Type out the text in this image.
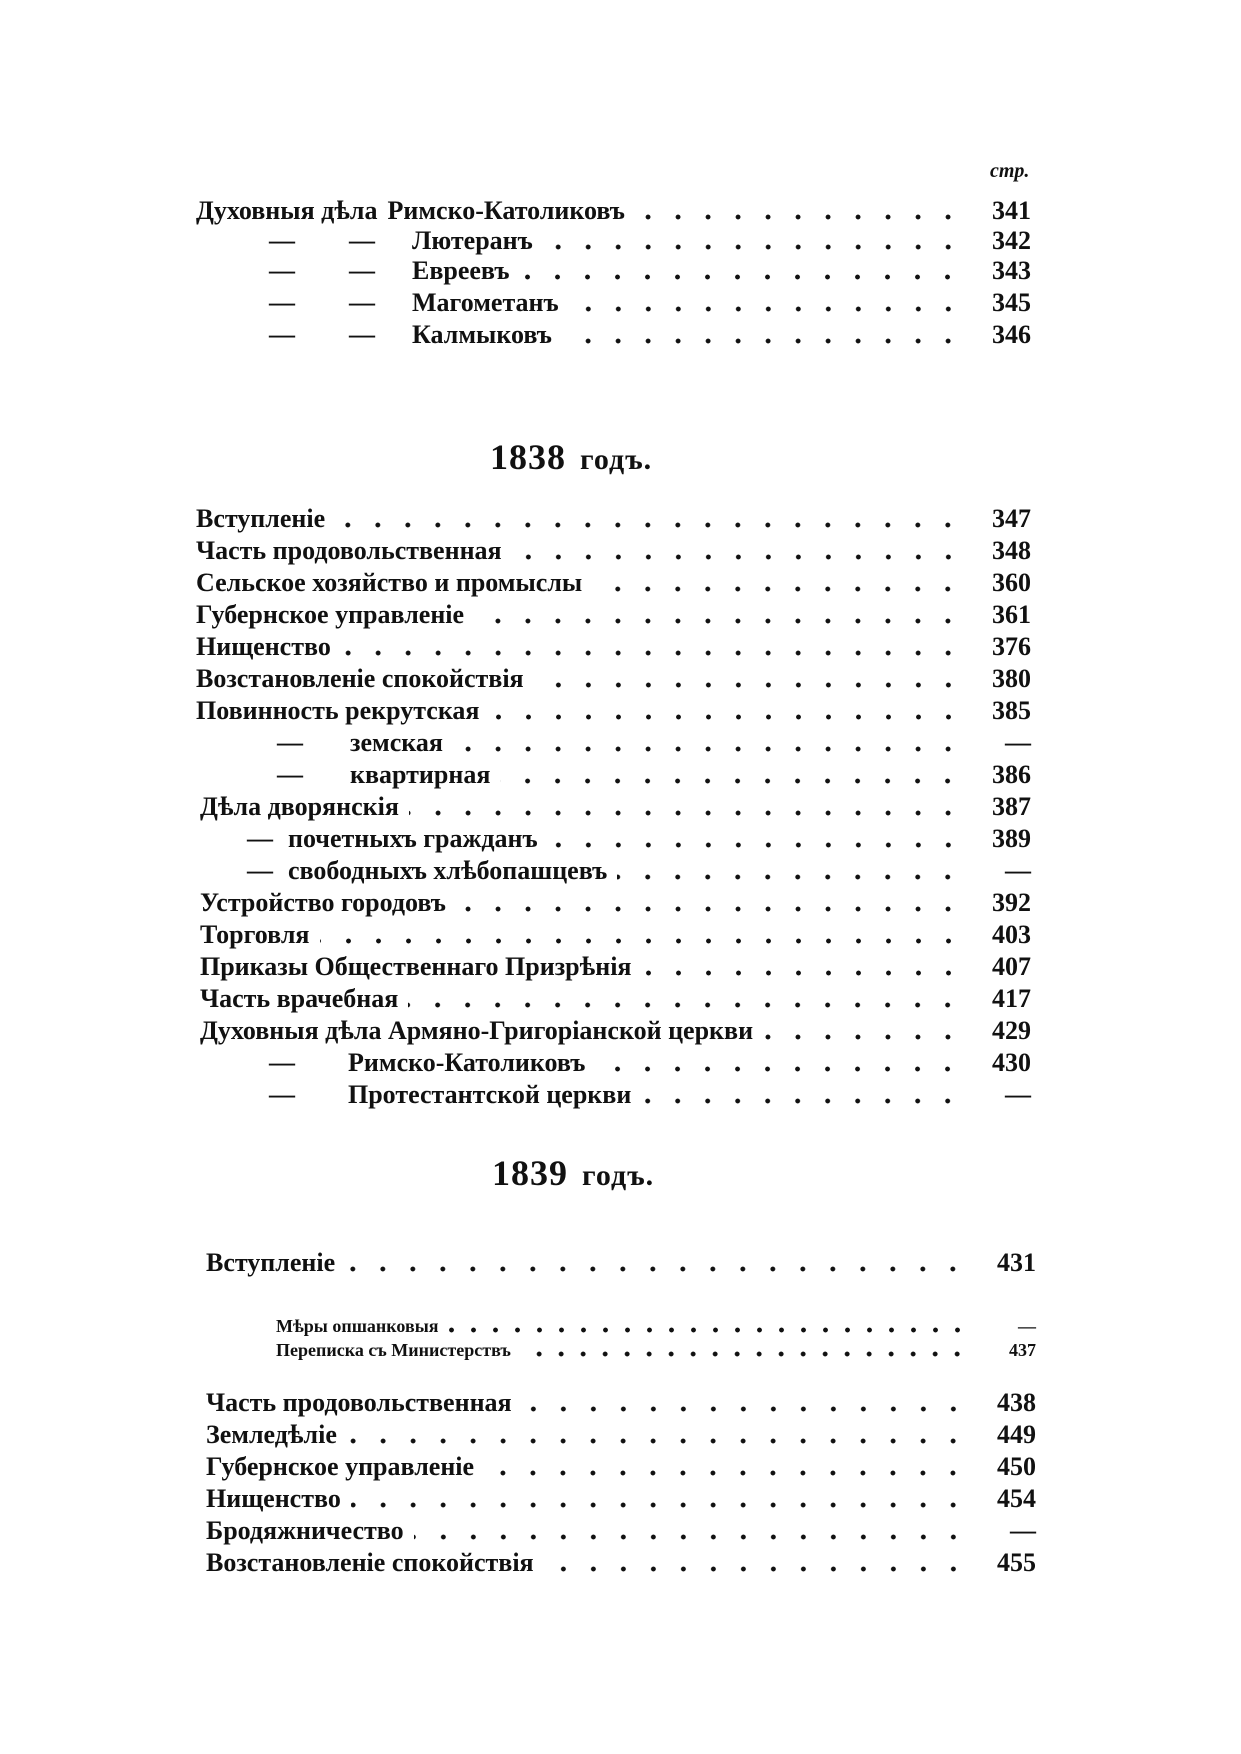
стр.
Духовныя дѣла Римско-Католиковъ	341
— — Лютеранъ	342
— — Евреевъ	343
— — Магометанъ	345
— — Калмыковъ	346
1838 годъ.
Вступленіе	347
Часть продовольственная	348
Сельское хозяйство и промыслы	360
Губернское управленіе	361
Нищенство	376
Возстановленіе спокойствія	380
Повинность рекрутская	385
— земская	—
— квартирная	386
Дѣла дворянскія	387
— почетныхъ гражданъ	389
— свободныхъ хлѣбопашцевъ	—
Устройство городовъ	392
Торговля	403
Приказы Общественнаго Призрѣнія	407
Часть врачебная	417
Духовныя дѣла Армяно-Григоріанской церкви	429
— Римско-Католиковъ	430
— Протестантской церкви	—
1839 годъ.
Вступленіе	431
Мѣры опшанковыя	—
Переписка съ Министерствъ	437
Часть продовольственная	438
Земледѣліе	449
Губернское управленіе	450
Нищенство	454
Бродяжничество	—
Возстановленіе спокойствія	455
